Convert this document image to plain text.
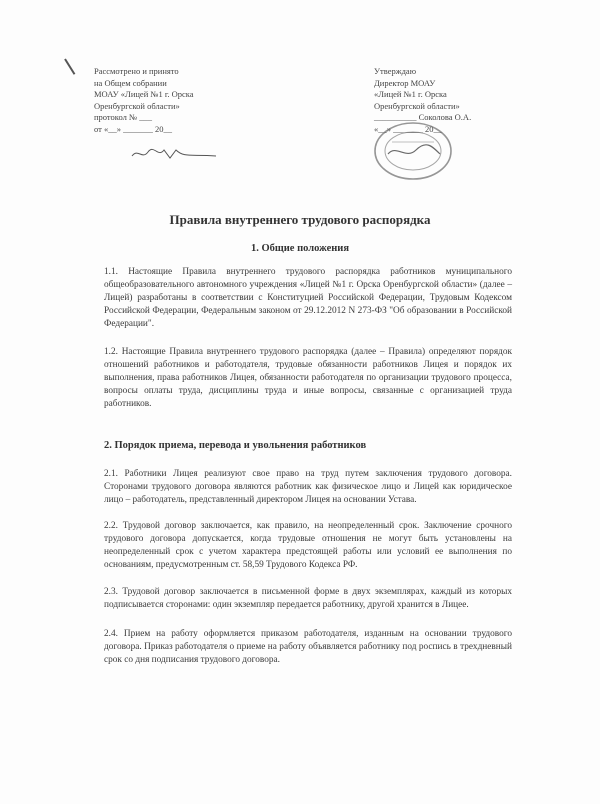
Рассмотрено и принято
на Общем собрании
МОАУ «Лицей №1 г. Орска
Оренбургской области»
протокол № ___
от «__» _______ 20__
Утверждаю
Директор МОАУ
«Лицей №1 г. Орска
Оренбургской области»
__________ Соколова О.А.
«__» _______ 20__
Правила внутреннего трудового распорядка
1. Общие положения
1.1. Настоящие Правила внутреннего трудового распорядка работников муниципального общеобразовательного автономного учреждения «Лицей №1 г. Орска Оренбургской области» (далее – Лицей) разработаны в соответствии с Конституцией Российской Федерации, Трудовым Кодексом Российской Федерации, Федеральным законом от 29.12.2012 N 273-ФЗ "Об образовании в Российской Федерации".
1.2. Настоящие Правила внутреннего трудового распорядка (далее – Правила) определяют порядок отношений работников и работодателя, трудовые обязанности работников Лицея и порядок их выполнения, права работников Лицея, обязанности работодателя по организации трудового процесса, вопросы оплаты труда, дисциплины труда и иные вопросы, связанные с организацией труда работников.
2. Порядок приема, перевода и увольнения работников
2.1. Работники Лицея реализуют свое право на труд путем заключения трудового договора. Сторонами трудового договора являются работник как физическое лицо и Лицей как юридическое лицо – работодатель, представленный директором Лицея на основании Устава.
2.2. Трудовой договор заключается, как правило, на неопределенный срок. Заключение срочного трудового договора допускается, когда трудовые отношения не могут быть установлены на неопределенный срок с учетом характера предстоящей работы или условий ее выполнения по основаниям, предусмотренным ст. 58,59 Трудового Кодекса РФ.
2.3. Трудовой договор заключается в письменной форме в двух экземплярах, каждый из которых подписывается сторонами: один экземпляр передается работнику, другой хранится в Лицее.
2.4. Прием на работу оформляется приказом работодателя, изданным на основании трудового договора. Приказ работодателя о приеме на работу объявляется работнику под роспись в трехдневный срок со дня подписания трудового договора.
